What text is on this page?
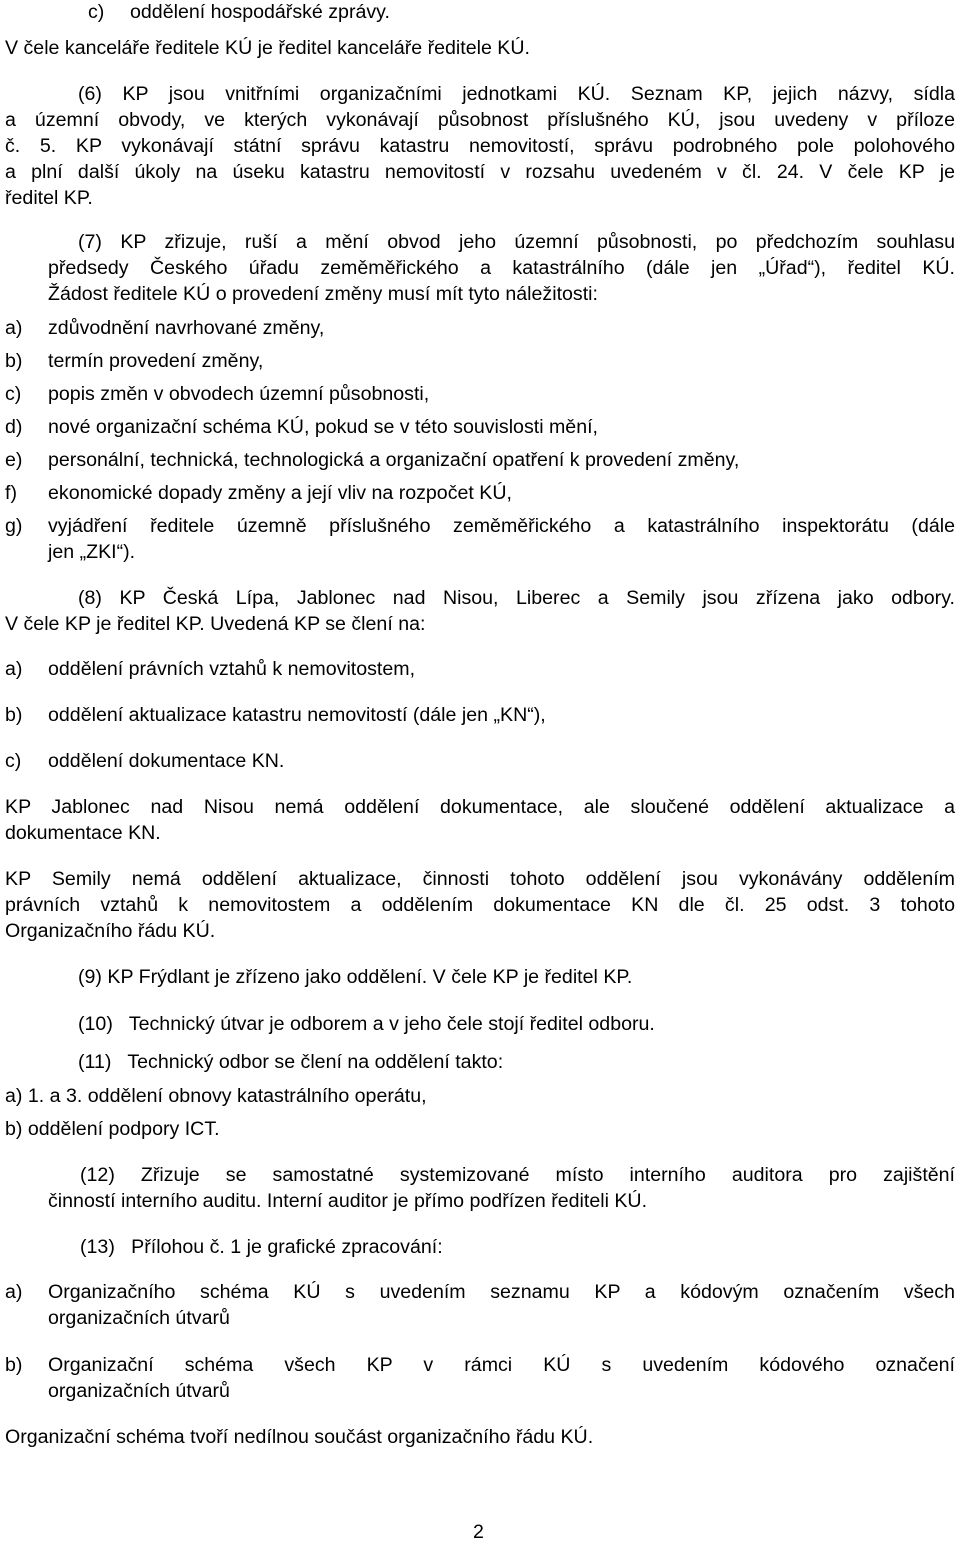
c) oddělení hospodářské zprávy.
V čele kanceláře ředitele KÚ je ředitel kanceláře ředitele KÚ.
(6) KP jsou vnitřními organizačními jednotkami KÚ. Seznam KP, jejich názvy, sídla
a územní obvody, ve kterých vykonávají působnost příslušného KÚ, jsou uvedeny v příloze
č. 5. KP vykonávají státní správu katastru nemovitostí, správu podrobného pole polohového
a plní další úkoly na úseku katastru nemovitostí v rozsahu uvedeném v čl. 24. V čele KP je
ředitel KP.
(7) KP zřizuje, ruší a mění obvod jeho územní působnosti, po předchozím souhlasu
předsedy Českého úřadu zeměměřického a katastrálního (dále jen „Úřad“), ředitel KÚ.
Žádost ředitele KÚ o provedení změny musí mít tyto náležitosti:
a) zdůvodnění navrhované změny,
b) termín provedení změny,
c) popis změn v obvodech územní působnosti,
d) nové organizační schéma KÚ, pokud se v této souvislosti mění,
e) personální, technická, technologická a organizační opatření k provedení změny,
f) ekonomické dopady změny a její vliv na rozpočet KÚ,
g) vyjádření ředitele územně příslušného zeměměřického a katastrálního inspektorátu (dále
jen „ZKI“).
(8) KP Česká Lípa, Jablonec nad Nisou, Liberec a Semily jsou zřízena jako odbory.
V čele KP je ředitel KP. Uvedená KP se člení na:
a) oddělení právních vztahů k nemovitostem,
b) oddělení aktualizace katastru nemovitostí (dále jen „KN“),
c) oddělení dokumentace KN.
KP Jablonec nad Nisou nemá oddělení dokumentace, ale sloučené oddělení aktualizace a
dokumentace KN.
KP Semily nemá oddělení aktualizace, činnosti tohoto oddělení jsou vykonávány oddělením
právních vztahů k nemovitostem a oddělením dokumentace KN dle čl. 25 odst. 3 tohoto
Organizačního řádu KÚ.
(9) KP Frýdlant je zřízeno jako oddělení. V čele KP je ředitel KP.
(10)   Technický útvar je odborem a v jeho čele stojí ředitel odboru.
(11)   Technický odbor se člení na oddělení takto:
a) 1. a 3. oddělení obnovy katastrálního operátu,
b) oddělení podpory ICT.
(12) Zřizuje se samostatné systemizované místo interního auditora pro zajištění
činností interního auditu. Interní auditor je přímo podřízen řediteli KÚ.
(13)   Přílohou č. 1 je grafické zpracování:
a) Organizačního schéma KÚ s uvedením seznamu KP a kódovým označením všech
organizačních útvarů
b) Organizační schéma všech KP v rámci KÚ s uvedením kódového označení
organizačních útvarů
Organizační schéma tvoří nedílnou součást organizačního řádu KÚ.
2
